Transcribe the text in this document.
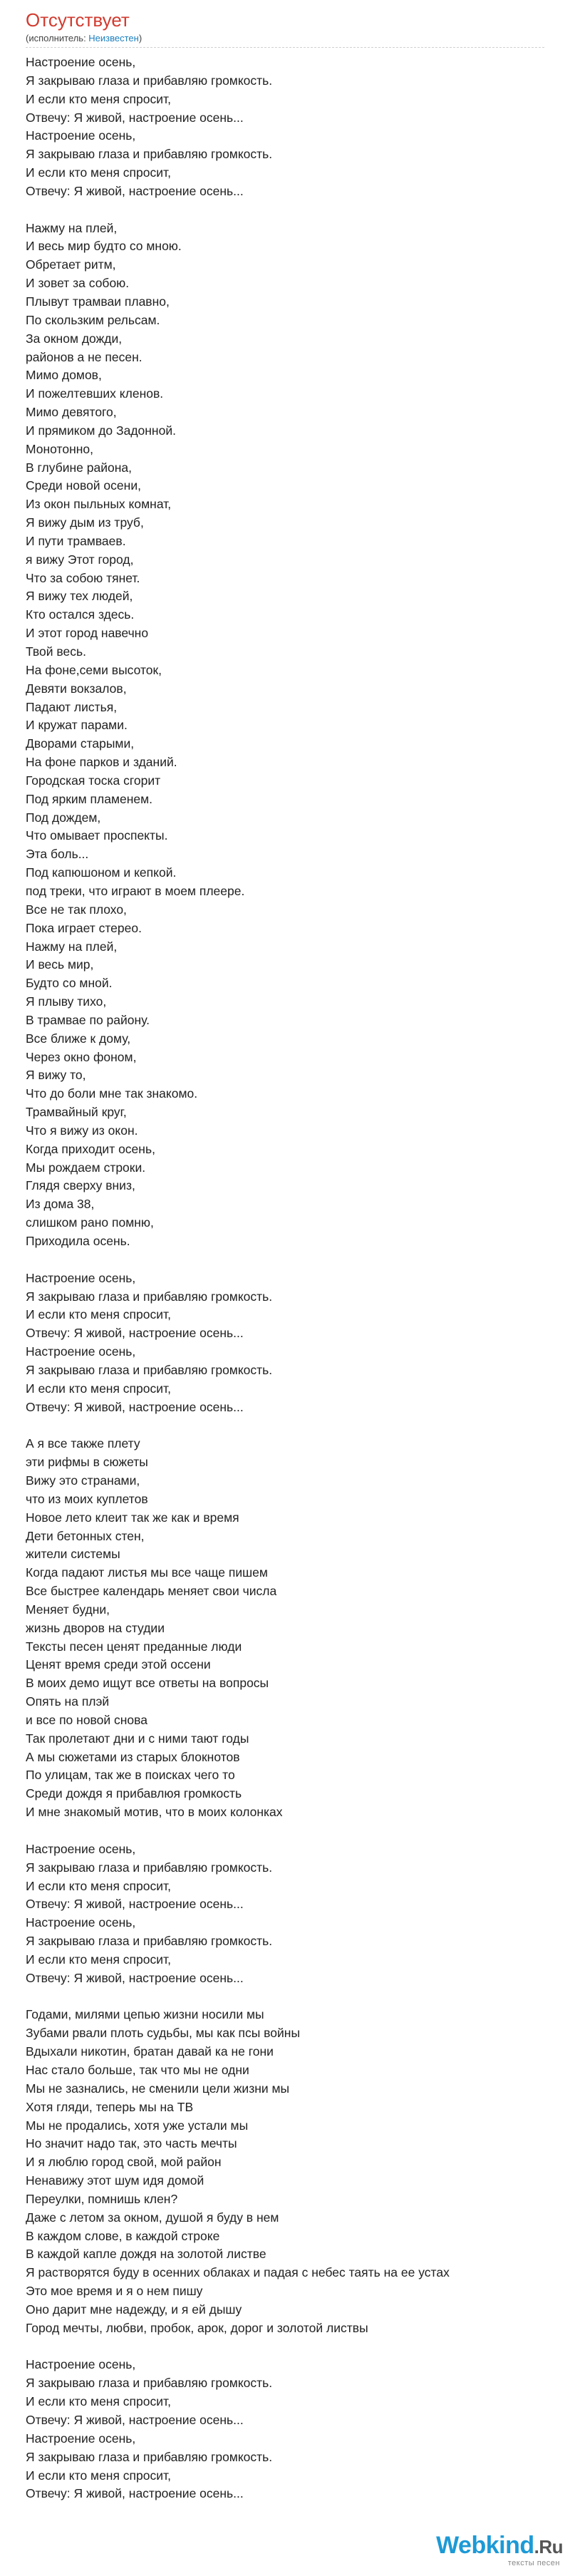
Отсутствует
(исполнитель: Неизвестен)
Настроение осень,
Я закрываю глаза и прибавляю громкость.
И если кто меня спросит,
Отвечу: Я живой, настроение осень...
Настроение осень,
Я закрываю глаза и прибавляю громкость.
И если кто меня спросит,
Отвечу: Я живой, настроение осень...
Нажму на плей,
И весь мир будто со мною.
Обретает ритм,
И зовет за собою.
Плывут трамваи плавно,
По скользким рельсам.
За окном дожди,
районов а не песен.
Мимо домов,
И пожелтевших кленов.
Мимо девятого,
И прямиком до Задонной.
Монотонно,
В глубине района,
Среди новой осени,
Из окон пыльных комнат,
Я вижу дым из труб,
И пути трамваев.
я вижу Этот город,
Что за собою тянет.
Я вижу тех людей,
Кто остался здесь.
И этот город навечно
Твой весь.
На фоне,семи высоток,
Девяти вокзалов,
Падают листья,
И кружат парами.
Дворами старыми,
На фоне парков и зданий.
Городская тоска сгорит
Под ярким пламенем.
Под дождем,
Что омывает проспекты.
Эта боль...
Под капюшоном и кепкой.
под треки, что играют в моем плеере.
Все не так плохо,
Пока играет стерео.
Нажму на плей,
И весь мир,
Будто со мной.
Я плыву тихо,
В трамвае по району.
Все ближе к дому,
Через окно фоном,
Я вижу то,
Что до боли мне так знакомо.
Трамвайный круг,
Что я вижу из окон.
Когда приходит осень,
Мы рождаем строки.
Глядя сверху вниз,
Из дома 38,
слишком рано помню,
Приходила осень.
Настроение осень,
Я закрываю глаза и прибавляю громкость.
И если кто меня спросит,
Отвечу: Я живой, настроение осень...
Настроение осень,
Я закрываю глаза и прибавляю громкость.
И если кто меня спросит,
Отвечу: Я живой, настроение осень...
А я все также плету
эти рифмы в сюжеты
Вижу это странами,
что из моих куплетов
Новое лето клеит так же как и время
Дети бетонных стен,
жители системы
Когда падают листья мы все чаще пишем
Все быстрее календарь меняет свои числа
Меняет будни,
жизнь дворов на студии
Тексты песен ценят преданные люди
Ценят время среди этой оссени
В моих демо ищут все ответы на вопросы
Опять на плэй
и все по новой снова
Так пролетают дни и с ними тают годы
А мы сюжетами из старых блокнотов
По улицам, так же в поисках чего то
Среди дождя я прибавлюя громкость
И мне знакомый мотив, что в моих колонках
Настроение осень,
Я закрываю глаза и прибавляю громкость.
И если кто меня спросит,
Отвечу: Я живой, настроение осень...
Настроение осень,
Я закрываю глаза и прибавляю громкость.
И если кто меня спросит,
Отвечу: Я живой, настроение осень...
Годами, милями цепью жизни носили мы
Зубами рвали плоть судьбы, мы как псы войны
Вдыхали никотин, братан давай ка не гони
Нас стало больше, так что мы не одни
Мы не зазнались, не сменили цели жизни мы
Хотя гляди, теперь мы на ТВ
Мы не продались, хотя уже устали мы
Но значит надо так, это часть мечты
И я люблю город свой, мой район
Ненавижу этот шум идя домой
Переулки, помнишь клен?
Даже с летом за окном, душой я буду в нем
В каждом слове, в каждой строке
В каждой капле дождя на золотой листве
Я растворятся буду в осенних облаках и падая с небес таять на ее устах
Это мое время и я о нем пишу
Оно дарит мне надежду, и я ей дышу
Город мечты, любви, пробок, арок, дорог и золотой листвы
Настроение осень,
Я закрываю глаза и прибавляю громкость.
И если кто меня спросит,
Отвечу: Я живой, настроение осень...
Настроение осень,
Я закрываю глаза и прибавляю громкость.
И если кто меня спросит,
Отвечу: Я живой, настроение осень...
Webkind.Ru
тексты песен
